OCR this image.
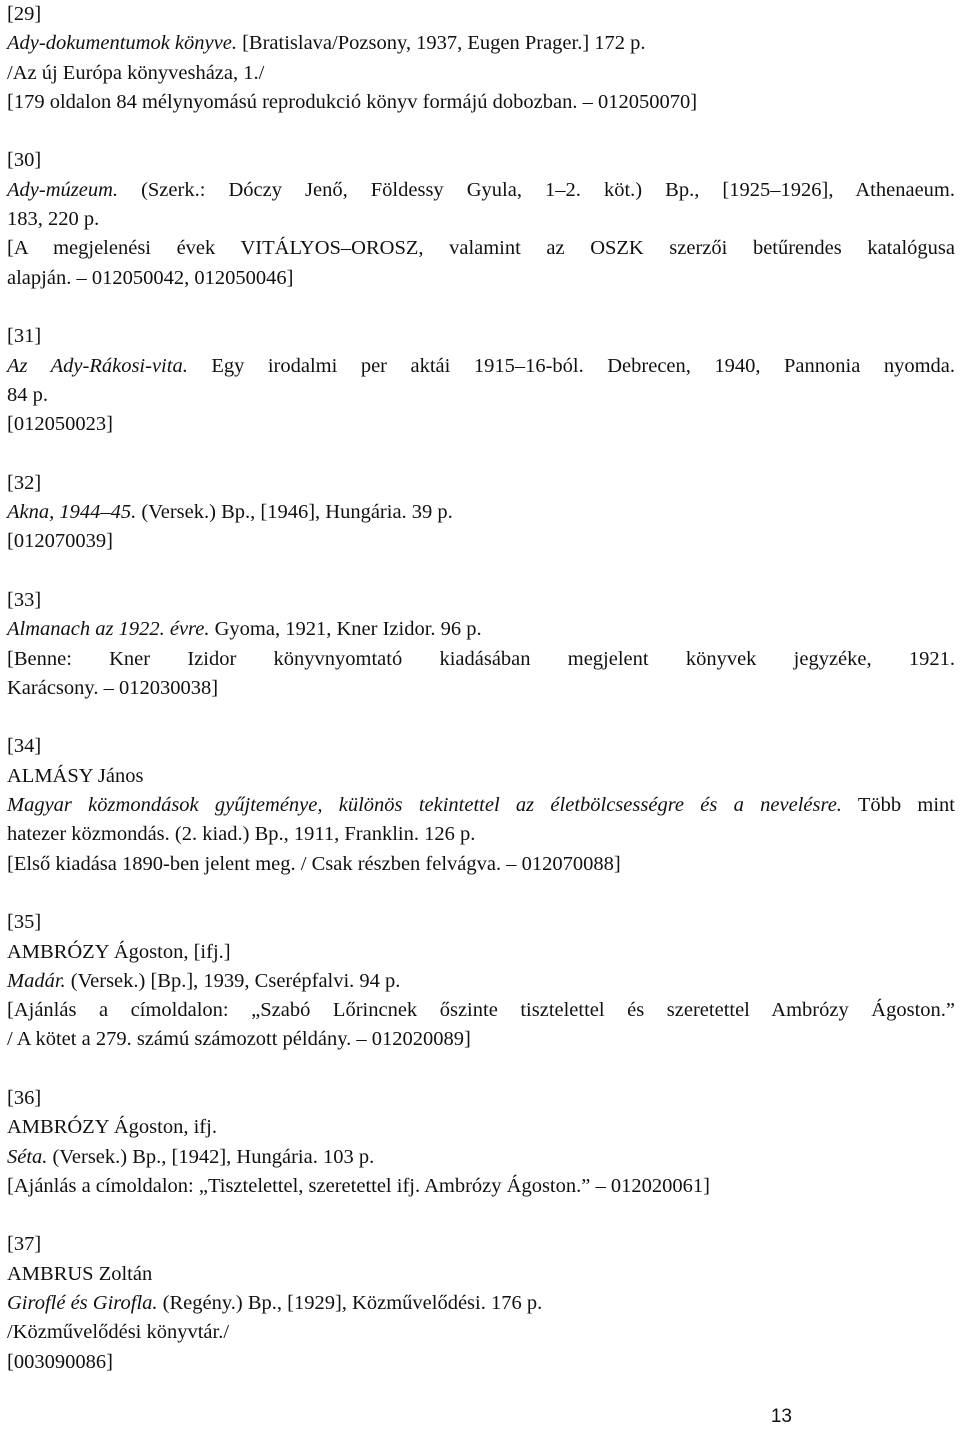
[29]
Ady-dokumentumok könyve. [Bratislava/Pozsony, 1937, Eugen Prager.] 172 p.
/Az új Európa könyvesháza, 1./
[179 oldalon 84 mélynyomású reprodukció könyv formájú dobozban. – 012050070]
[30]
Ady-múzeum. (Szerk.: Dóczy Jenő, Földessy Gyula, 1–2. köt.) Bp., [1925–1926], Athenaeum.
183, 220 p.
[A megjelenési évek VITÁLYOS–OROSZ, valamint az OSZK szerzői betűrendes katalógusa
alapján. – 012050042, 012050046]
[31]
Az Ady-Rákosi-vita. Egy irodalmi per aktái 1915–16-ból. Debrecen, 1940, Pannonia nyomda.
84 p.
[012050023]
[32]
Akna, 1944–45. (Versek.) Bp., [1946], Hungária. 39 p.
[012070039]
[33]
Almanach az 1922. évre. Gyoma, 1921, Kner Izidor. 96 p.
[Benne: Kner Izidor könyvnyomtató kiadásában megjelent könyvek jegyzéke, 1921.
Karácsony. – 012030038]
[34]
ALMÁSY János
Magyar közmondások gyűjteménye, különös tekintettel az életbölcsességre és a nevelésre. Több mint
hatezer közmondás. (2. kiad.) Bp., 1911, Franklin. 126 p.
[Első kiadása 1890-ben jelent meg. / Csak részben felvágva. – 012070088]
[35]
AMBRÓZY Ágoston, [ifj.]
Madár. (Versek.) [Bp.], 1939, Cserépfalvi. 94 p.
[Ajánlás a címoldalon: „Szabó Lőrincnek őszinte tisztelettel és szeretettel Ambrózy Ágoston.”
/ A kötet a 279. számú számozott példány. – 012020089]
[36]
AMBRÓZY Ágoston, ifj.
Séta. (Versek.) Bp., [1942], Hungária. 103 p.
[Ajánlás a címoldalon: „Tisztelettel, szeretettel ifj. Ambrózy Ágoston.” – 012020061]
[37]
AMBRUS Zoltán
Giroflé és Girofla. (Regény.) Bp., [1929], Közművelődési. 176 p.
/Közművelődési könyvtár./
[003090086]
13
